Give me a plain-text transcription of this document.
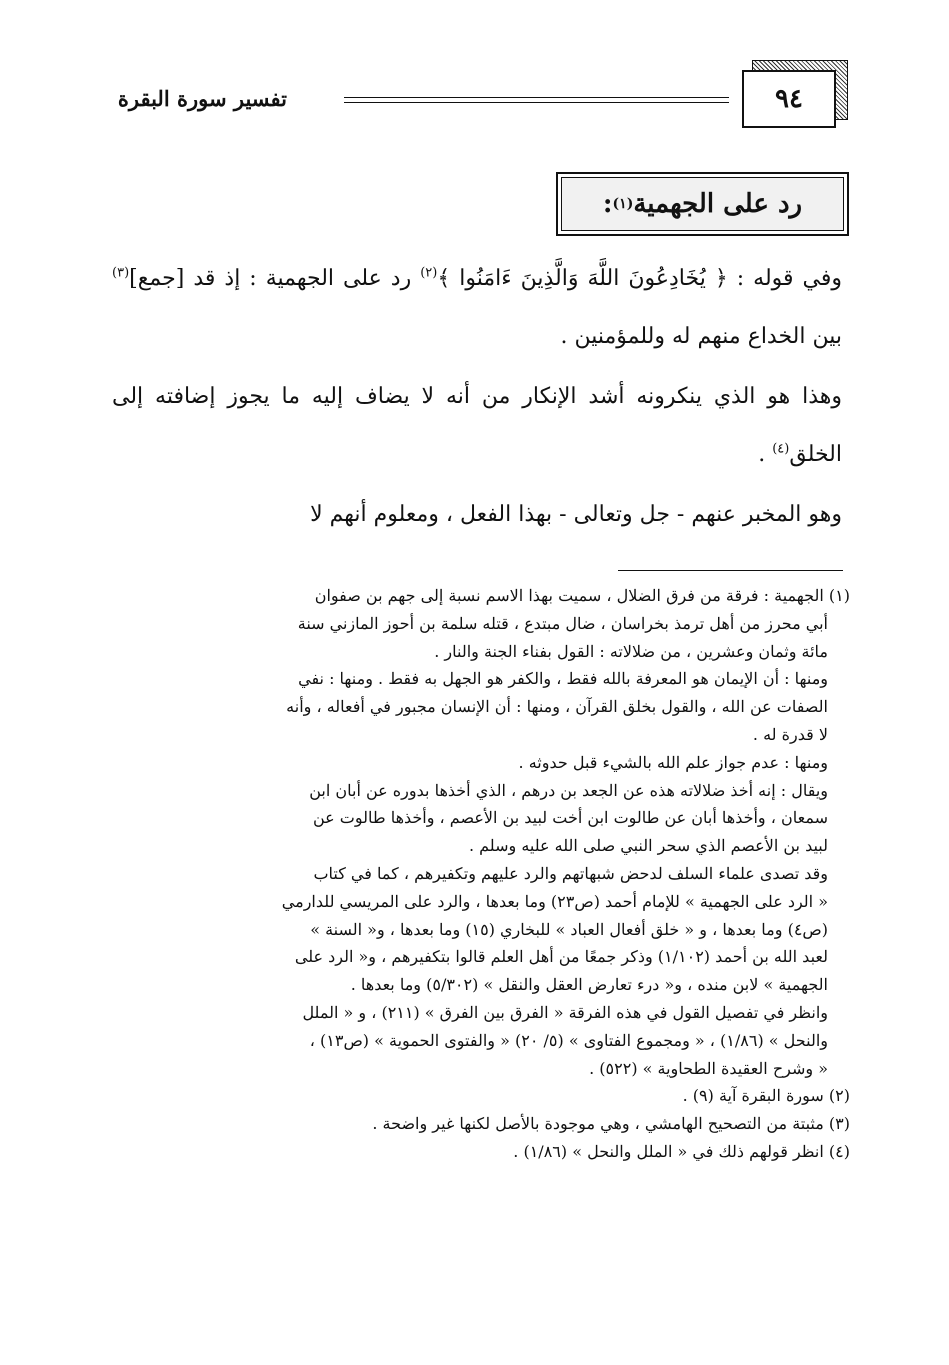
٩٤
تفسير سورة البقرة
رد على الجهمية
(١)
:
وفي قوله : ﴿ يُخَادِعُونَ اللَّهَ وَالَّذِينَ ءَامَنُوا ﴾$^{(٢)}$ رد على الجهمية : إذ قد [جمع]$^{(٣)}$ بين الخداع منهم له وللمؤمنين .
وهذا هو الذي ينكرونه أشد الإنكار من أنه لا يضاف إليه ما يجوز إضافته إلى الخلق$^{(٤)}$ .
وهو المخبر عنهم - جل وتعالى - بهذا الفعل ، ومعلوم أنهم لا

(١) الجهمية : فرقة من فرق الضلال ، سميت بهذا الاسم نسبة إلى جهم بن صفوان

أبي محرز من أهل ترمذ بخراسان ، ضال مبتدع ، قتله سلمة بن أحوز المازني سنة

مائة وثمان وعشرين ، من ضلالاته : القول بفناء الجنة والنار .

ومنها : أن الإيمان هو المعرفة بالله فقط ، والكفر هو الجهل به فقط . ومنها : نفي

الصفات عن الله ، والقول بخلق القرآن ، ومنها : أن الإنسان مجبور في أفعاله ، وأنه

لا قدرة له .

ومنها : عدم جواز علم الله بالشيء قبل حدوثه .

ويقال : إنه أخذ ضلالاته هذه عن الجعد بن درهم ، الذي أخذها بدوره عن أبان ابن

سمعان ، وأخذها أبان عن طالوت ابن أخت لبيد بن الأعصم ، وأخذها طالوت عن

لبيد بن الأعصم الذي سحر النبي صلى الله عليه وسلم .

وقد تصدى علماء السلف لدحض شبهاتهم والرد عليهم وتكفيرهم ، كما في كتاب

« الرد على الجهمية » للإمام أحمد (ص٢٣) وما بعدها ، والرد على المريسي للدارمي

(ص٤) وما بعدها ، و « خلق أفعال العباد » للبخاري (١٥) وما بعدها ، و« السنة »

لعبد الله بن أحمد (١/١٠٢) وذكر جمعًا من أهل العلم قالوا بتكفيرهم ، و« الرد على

الجهمية » لابن منده ، و« درء تعارض العقل والنقل » (٥/٣٠٢) وما بعدها .

وانظر في تفصيل القول في هذه الفرقة « الفرق بين الفرق » (٢١١) ، و « الملل

والنحل » (١/٨٦) ، « ومجموع الفتاوى » (٥/ ٢٠) « والفتوى الحموية » (ص١٣) ،

« وشرح العقيدة الطحاوية » (٥٢٢) .

(٢) سورة البقرة آية (٩) .

(٣) مثبتة من التصحيح الهامشي ، وهي موجودة بالأصل لكنها غير واضحة .

(٤) انظر قولهم ذلك في « الملل والنحل » (١/٨٦) .
